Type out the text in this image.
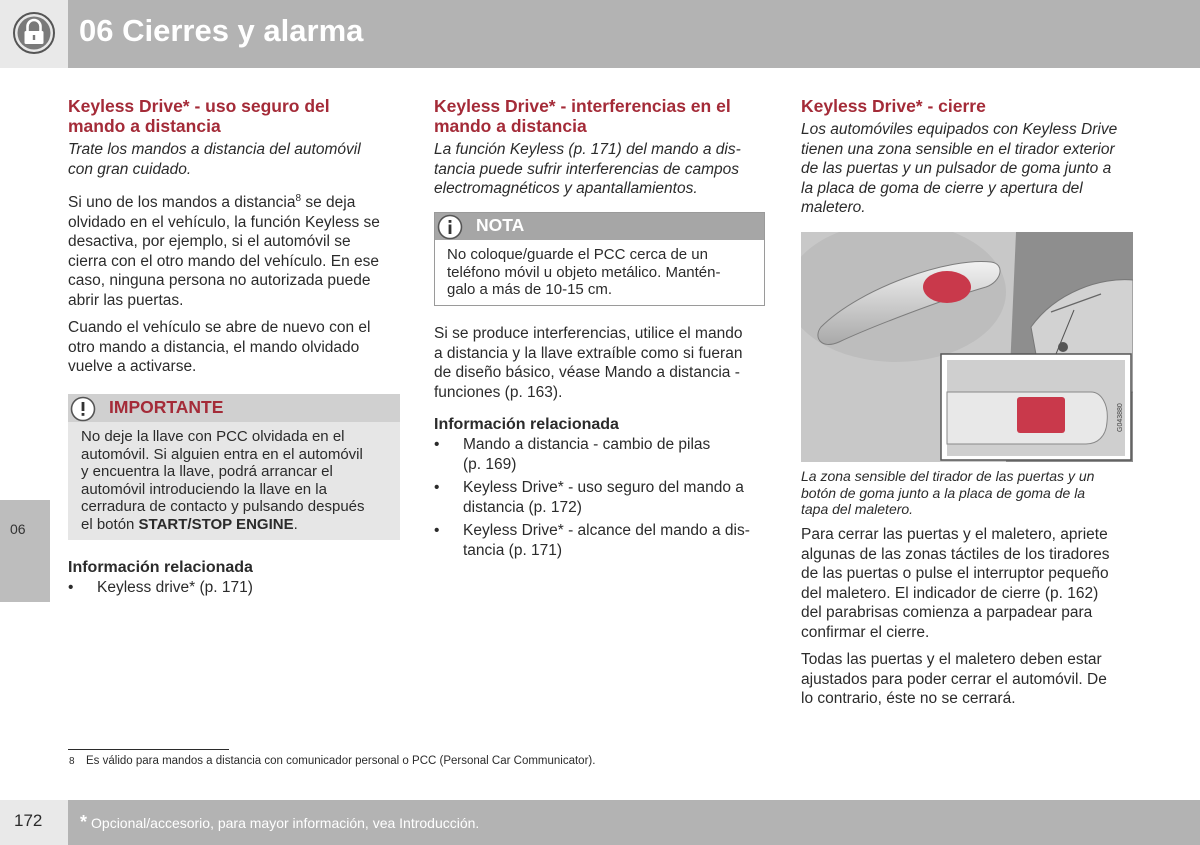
06 Cierres y alarma
06
Keyless Drive* - uso seguro del
mando a distancia
Trate los mandos a distancia del automóvil
con gran cuidado.
Si uno de los mandos a distancia$^8$ se deja
olvidado en el vehículo, la función Keyless se
desactiva, por ejemplo, si el automóvil se
cierra con el otro mando del vehículo. En ese
caso, ninguna persona no autorizada puede
abrir las puertas.
Cuando el vehículo se abre de nuevo con el
otro mando a distancia, el mando olvidado
vuelve a activarse.
IMPORTANTE
No deje la llave con PCC olvidada en el
automóvil. Si alguien entra en el automóvil
y encuentra la llave, podrá arrancar el
automóvil introduciendo la llave en la
cerradura de contacto y pulsando después
el botón START/STOP ENGINE.
Información relacionada
• Keyless drive* (p. 171)
Keyless Drive* - interferencias en el
mando a distancia
La función Keyless (p. 171) del mando a dis-
tancia puede sufrir interferencias de campos
electromagnéticos y apantallamientos.
NOTA
No coloque/guarde el PCC cerca de un
teléfono móvil u objeto metálico. Mantén-
galo a más de 10-15 cm.
Si se produce interferencias, utilice el mando
a distancia y la llave extraíble como si fueran
de diseño básico, véase Mando a distancia -
funciones (p. 163).
Información relacionada
• Mando a distancia - cambio de pilas
(p. 169)
• Keyless Drive* - uso seguro del mando a
distancia (p. 172)
• Keyless Drive* - alcance del mando a dis-
tancia (p. 171)
Keyless Drive* - cierre
Los automóviles equipados con Keyless Drive
tienen una zona sensible en el tirador exterior
de las puertas y un pulsador de goma junto a
la placa de goma de cierre y apertura del
maletero.
G043880
La zona sensible del tirador de las puertas y un
botón de goma junto a la placa de goma de la
tapa del maletero.
Para cerrar las puertas y el maletero, apriete
algunas de las zonas táctiles de los tiradores
de las puertas o pulse el interruptor pequeño
del maletero. El indicador de cierre (p. 162)
del parabrisas comienza a parpadear para
confirmar el cierre.
Todas las puertas y el maletero deben estar
ajustados para poder cerrar el automóvil. De
lo contrario, éste no se cerrará.
8 Es válido para mandos a distancia con comunicador personal o PCC (Personal Car Communicator).
172 * Opcional/accesorio, para mayor información, vea Introducción.
